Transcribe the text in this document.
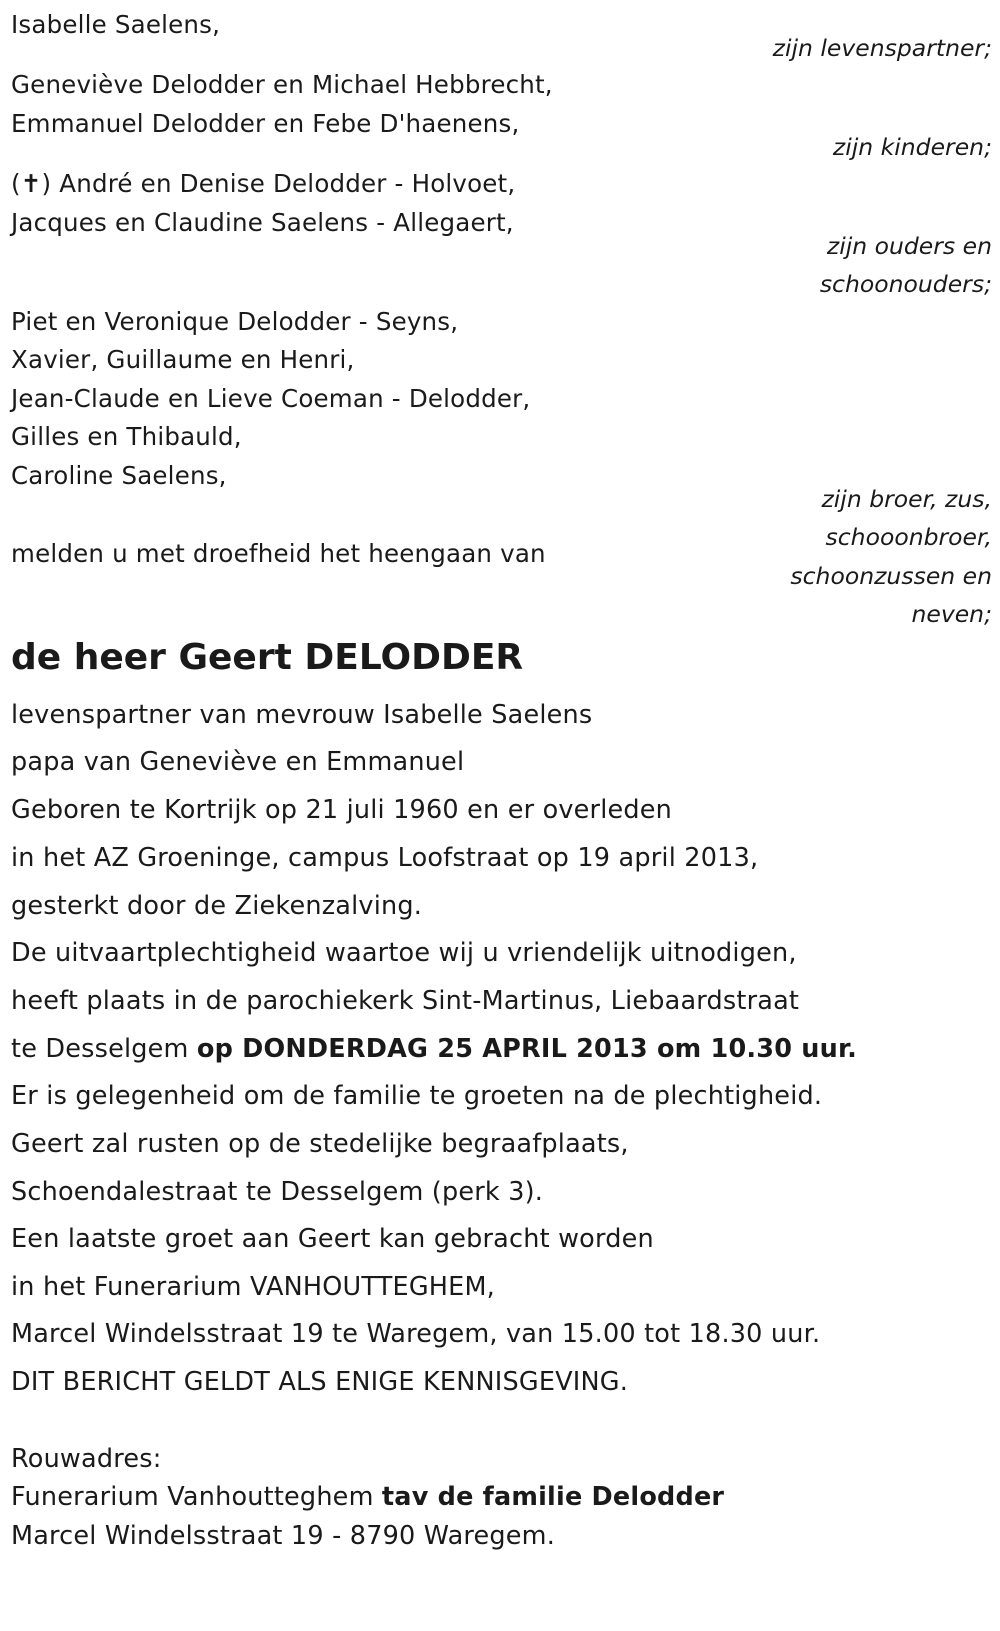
Isabelle Saelens,
Geneviève Delodder en Michael Hebbrecht,
Emmanuel Delodder en Febe D'haenens,
(✝) André en Denise Delodder - Holvoet,
Jacques en Claudine Saelens - Allegaert,
Piet en Veronique Delodder - Seyns,
Xavier, Guillaume en Henri,
Jean-Claude en Lieve Coeman - Delodder,
Gilles en Thibauld,
Caroline Saelens,
melden u met droefheid het heengaan van
de heer Geert DELODDER
zijn levenspartner;
zijn kinderen;
zijn ouders en
schoonouders;
zijn broer, zus,
schooonbroer,
schoonzussen en
neven;
levenspartner van mevrouw Isabelle Saelens
papa van Geneviève en Emmanuel
Geboren te Kortrijk op 21 juli 1960 en er overleden
in het AZ Groeninge, campus Loofstraat op 19 april 2013,
gesterkt door de Ziekenzalving.
De uitvaartplechtigheid waartoe wij u vriendelijk uitnodigen,
heeft plaats in de parochiekerk Sint-Martinus, Liebaardstraat
te Desselgem op DONDERDAG 25 APRIL 2013 om 10.30 uur.
Er is gelegenheid om de familie te groeten na de plechtigheid.
Geert zal rusten op de stedelijke begraafplaats,
Schoendalestraat te Desselgem (perk 3).
Een laatste groet aan Geert kan gebracht worden
in het Funerarium VANHOUTTEGHEM,
Marcel Windelsstraat 19 te Waregem, van 15.00 tot 18.30 uur.
DIT BERICHT GELDT ALS ENIGE KENNISGEVING.
Rouwadres:
Funerarium Vanhoutteghem tav de familie Delodder
Marcel Windelsstraat 19 - 8790 Waregem.
